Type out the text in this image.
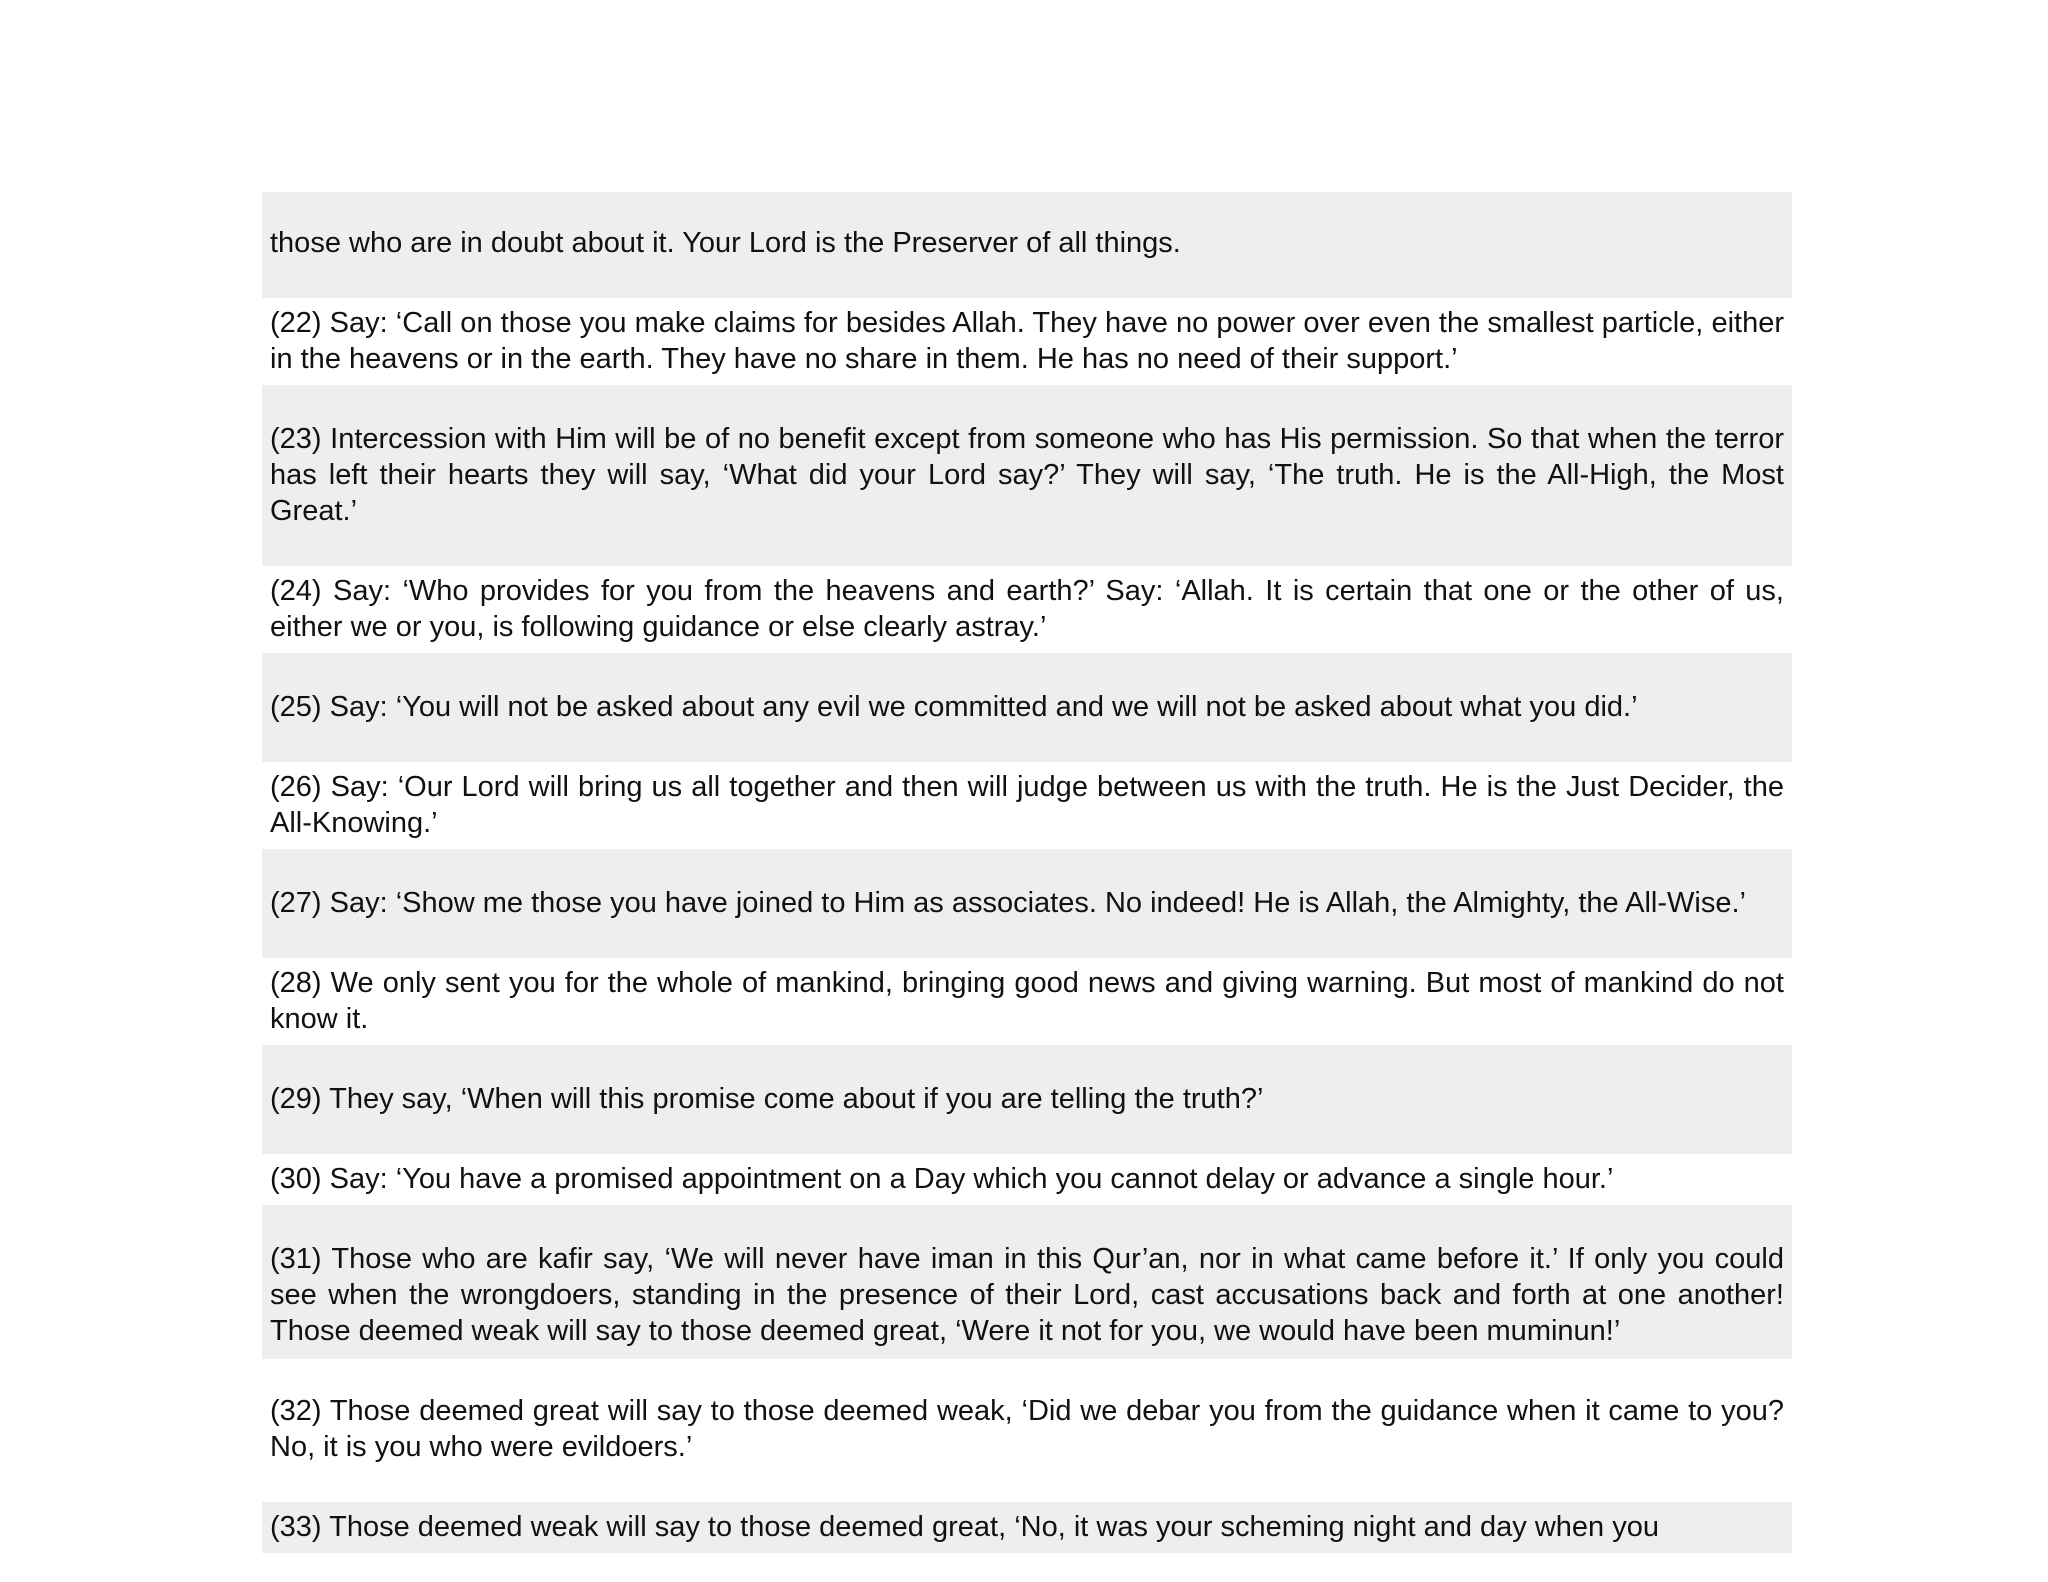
those who are in doubt about it. Your Lord is the Preserver of all things.

(22) Say: ‘Call on those you make claims for besides Allah. They have no power over even the smallest particle, either in the heavens or in the earth. They have no share in them. He has no need of their support.’

(23) Intercession with Him will be of no benefit except from someone who has His permission. So that when the terror has left their hearts they will say, ‘What did your Lord say?’ They will say, ‘The truth. He is the All-High, the Most Great.’

(24) Say: ‘Who provides for you from the heavens and earth?’ Say: ‘Allah. It is certain that one or the other of us, either we or you, is following guidance or else clearly astray.’

(25) Say: ‘You will not be asked about any evil we committed and we will not be asked about what you did.’

(26) Say: ‘Our Lord will bring us all together and then will judge between us with the truth. He is the Just Decider, the All-Knowing.’

(27) Say: ‘Show me those you have joined to Him as associates. No indeed! He is Allah, the Almighty, the All-Wise.’

(28) We only sent you for the whole of mankind, bringing good news and giving warning. But most of mankind do not know it.

(29) They say, ‘When will this promise come about if you are telling the truth?’

(30) Say: ‘You have a promised appointment on a Day which you cannot delay or advance a single hour.’

(31) Those who are kafir say, ‘We will never have iman in this Qur’an, nor in what came before it.’ If only you could see when the wrongdoers, standing in the presence of their Lord, cast accusations back and forth at one another! Those deemed weak will say to those deemed great, ‘Were it not for you, we would have been muminun!’

(32) Those deemed great will say to those deemed weak, ‘Did we debar you from the guidance when it came to you? No, it is you who were evildoers.’

(33) Those deemed weak will say to those deemed great, ‘No, it was your scheming night and day when you
